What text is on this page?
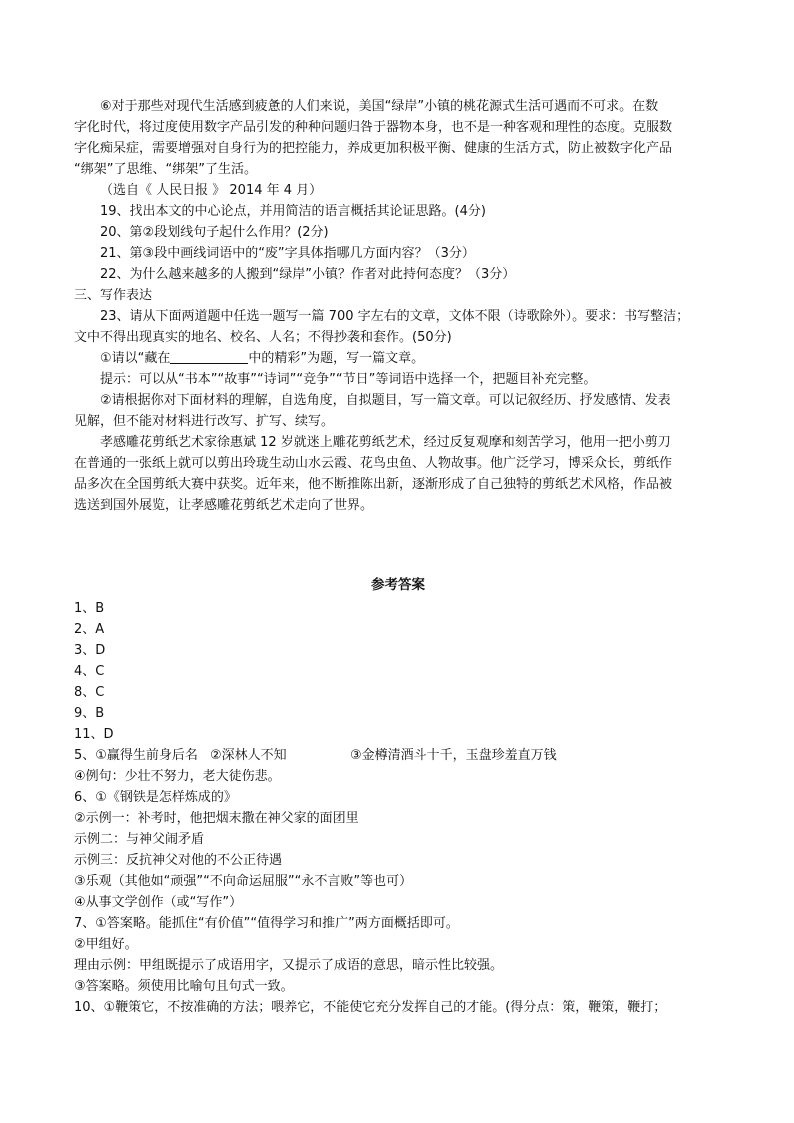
⑥对于那些对现代生活感到疲惫的人们来说，美国“绿岸”小镇的桃花源式生活可遇而不可求。在数
字化时代，将过度使用数字产品引发的种种问题归咎于器物本身，也不是一种客观和理性的态度。克服数
字化痴呆症，需要增强对自身行为的把控能力，养成更加积极平衡、健康的生活方式，防止被数字化产品
“绑架”了思维、“绑架”了生活。
（选自《 人民日报 》 2014 年 4 月）
19、找出本文的中心论点，并用简洁的语言概括其论证思路。(4分)
20、第②段划线句子起什么作用？(2分)
21、第③段中画线词语中的“废”字具体指哪几方面内容？（3分）
22、为什么越来越多的人搬到“绿岸”小镇？作者对此持何态度？（3分）
三、写作表达
23、请从下面两道题中任选一题写一篇 700 字左右的文章，文体不限（诗歌除外）。要求：书写整洁；
文中不得出现真实的地名、校名、人名；不得抄袭和套作。(50分)
①请以“藏在	中的精彩”为题，写一篇文章。
提示：可以从“书本”“故事”“诗词”“竞争”“节日”等词语中选择一个，把题目补充完整。
②请根据你对下面材料的理解，自选角度，自拟题目，写一篇文章。可以记叙经历、抒发感情、发表
见解，但不能对材料进行改写、扩写、续写。
孝感雕花剪纸艺术家徐惠斌 12 岁就迷上雕花剪纸艺术，经过反复观摩和刻苦学习，他用一把小剪刀
在普通的一张纸上就可以剪出玲珑生动山水云霞、花鸟虫鱼、人物故事。他广泛学习，博采众长，剪纸作
品多次在全国剪纸大赛中获奖。近年来，他不断推陈出新，逐渐形成了自己独特的剪纸艺术风格，作品被
选送到国外展览，让孝感雕花剪纸艺术走向了世界。
参考答案
1、B
2、A
3、D
4、C
8、C
9、B
11、D
5、①赢得生前身后名 ②深林人不知	③金樽清酒斗十千，玉盘珍羞直万钱
④例句：少壮不努力，老大徒伤悲。
6、①《钢铁是怎样炼成的》
②示例一：补考时，他把烟末撒在神父家的面团里
示例二：与神父闹矛盾
示例三：反抗神父对他的不公正待遇
③乐观（其他如“顽强”“不向命运屈服”“永不言败”等也可）
④从事文学创作（或“写作”）
7、①答案略。能抓住“有价值”“值得学习和推广”两方面概括即可。
②甲组好。
理由示例：甲组既提示了成语用字，又提示了成语的意思，暗示性比较强。
③答案略。须使用比喻句且句式一致。
10、①鞭策它，不按准确的方法；喂养它，不能使它充分发挥自己的才能。(得分点：策，鞭策，鞭打；
